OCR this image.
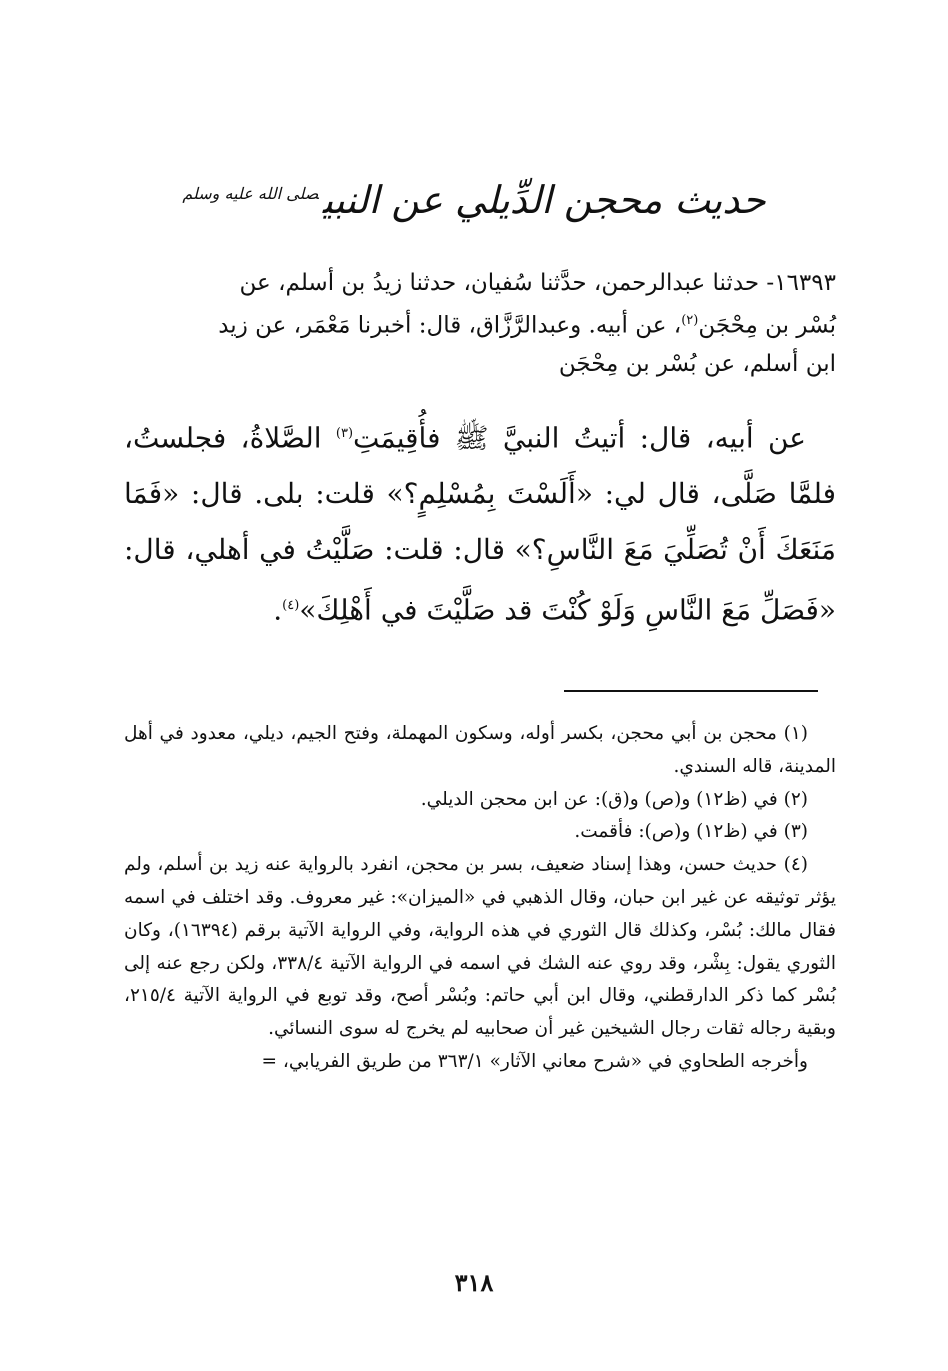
حديث محجن الدِّيلي عن النبي$^{صلى الله عليه وسلم}$

١٦٣٩٣- حدثنا عبدالرحمن، حدَّثنا سُفيان، حدثنا زيدُ بن أسلم، عن

بُسْر بن مِحْجَن$^{(٢)}$، عن أبيه. وعبدالرَّزَّاق، قال: أخبرنا مَعْمَر، عن زيد

ابن أسلم، عن بُسْر بن مِحْجَن

عن أبيه، قال: أتيتُ النبيَّ ﷺ فأُقِيمَتِ$^{(٣)}$ الصَّلاةُ، فجلستُ، فلمَّا صَلَّى، قال لي: «أَلَسْتَ بِمُسْلِمٍ؟» قلت: بلى. قال: «فَمَا مَنَعَكَ أَنْ تُصَلِّيَ مَعَ النَّاسِ؟» قال: قلت: صَلَّيْتُ في أهلي، قال: «فَصَلِّ مَعَ النَّاسِ وَلَوْ كُنْتَ قد صَلَّيْتَ في أَهْلِكَ»$^{(٤)}$.

(١) محجن بن أبي محجن، بكسر أوله، وسكون المهملة، وفتح الجيم، ديلي، معدود في أهل المدينة، قاله السندي.

(٢) في (ظ١٢) و(ص) و(ق): عن ابن محجن الديلي.

(٣) في (ظ١٢) و(ص): فأقمت.

(٤) حديث حسن، وهذا إسناد ضعيف، بسر بن محجن، انفرد بالرواية عنه زيد بن أسلم، ولم يؤثر توثيقه عن غير ابن حبان، وقال الذهبي في «الميزان»: غير معروف. وقد اختلف في اسمه فقال مالك: بُسْر، وكذلك قال الثوري في هذه الرواية، وفي الرواية الآتية برقم (١٦٣٩٤)، وكان الثوري يقول: بِشْر، وقد روي عنه الشك في اسمه في الرواية الآتية ٣٣٨/٤، ولكن رجع عنه إلى بُسْر كما ذكر الدارقطني، وقال ابن أبي حاتم: وبُسْر أصح، وقد توبع في الرواية الآتية ٢١٥/٤، وبقية رجاله ثقات رجال الشيخين غير أن صحابيه لم يخرج له سوى النسائي.

وأخرجه الطحاوي في «شرح معاني الآثار» ٣٦٣/١ من طريق الفريابي، =

٣١٨
